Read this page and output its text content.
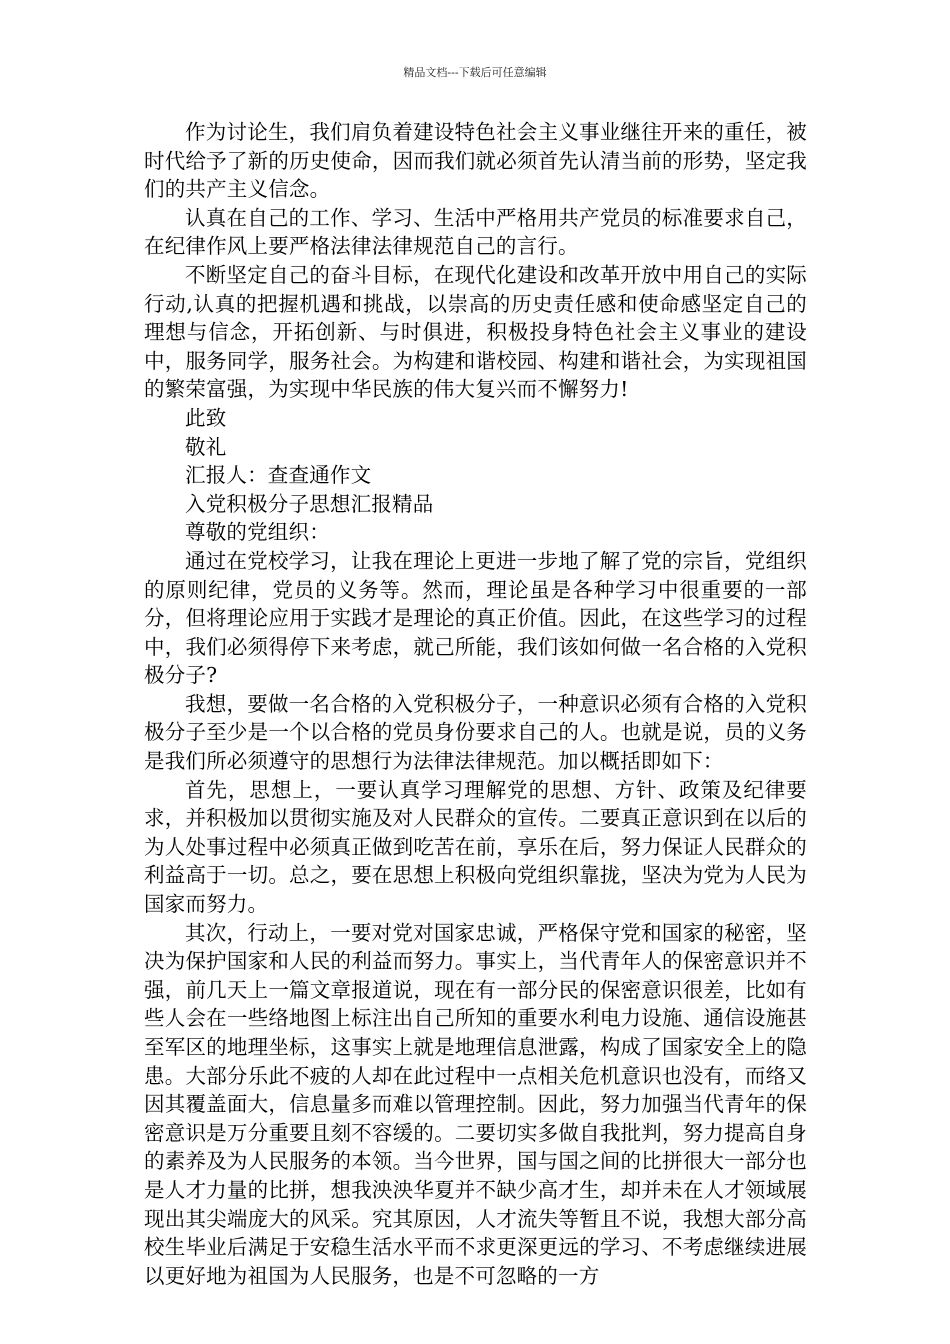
精品文档---下载后可任意编辑

作为讨论生，我们肩负着建设特色社会主义事业继往开来的重任，被时代给予了新的历史使命，因而我们就必须首先认清当前的形势，坚定我们的共产主义信念。

认真在自己的工作、学习、生活中严格用共产党员的标准要求自己，在纪律作风上要严格法律法律规范自己的言行。

不断坚定自己的奋斗目标，在现代化建设和改革开放中用自己的实际行动,认真的把握机遇和挑战，以崇高的历史责任感和使命感坚定自己的理想与信念，开拓创新、与时俱进，积极投身特色社会主义事业的建设中，服务同学，服务社会。为构建和谐校园、构建和谐社会，为实现祖国的繁荣富强，为实现中华民族的伟大复兴而不懈努力!

此致

敬礼

汇报人：查查通作文

入党积极分子思想汇报精品

尊敬的党组织：

通过在党校学习，让我在理论上更进一步地了解了党的宗旨，党组织的原则纪律，党员的义务等。然而，理论虽是各种学习中很重要的一部分，但将理论应用于实践才是理论的真正价值。因此，在这些学习的过程中，我们必须得停下来考虑，就己所能，我们该如何做一名合格的入党积极分子?

我想，要做一名合格的入党积极分子，一种意识必须有合格的入党积极分子至少是一个以合格的党员身份要求自己的人。也就是说，员的义务是我们所必须遵守的思想行为法律法律规范。加以概括即如下：

首先，思想上，一要认真学习理解党的思想、方针、政策及纪律要求，并积极加以贯彻实施及对人民群众的宣传。二要真正意识到在以后的为人处事过程中必须真正做到吃苦在前，享乐在后，努力保证人民群众的利益高于一切。总之，要在思想上积极向党组织靠拢，坚决为党为人民为国家而努力。

其次，行动上，一要对党对国家忠诚，严格保守党和国家的秘密，坚决为保护国家和人民的利益而努力。事实上，当代青年人的保密意识并不强，前几天上一篇文章报道说，现在有一部分民的保密意识很差，比如有些人会在一些络地图上标注出自己所知的重要水利电力设施、通信设施甚至军区的地理坐标，这事实上就是地理信息泄露，构成了国家安全上的隐患。大部分乐此不疲的人却在此过程中一点相关危机意识也没有，而络又因其覆盖面大，信息量多而难以管理控制。因此，努力加强当代青年的保密意识是万分重要且刻不容缓的。二要切实多做自我批判，努力提高自身的素养及为人民服务的本领。当今世界，国与国之间的比拼很大一部分也是人才力量的比拼，想我泱泱华夏并不缺少高才生，却并未在人才领域展现出其尖端庞大的风采。究其原因，人才流失等暂且不说，我想大部分高校生毕业后满足于安稳生活水平而不求更深更远的学习、不考虑继续进展以更好地为祖国为人民服务，也是不可忽略的一方
